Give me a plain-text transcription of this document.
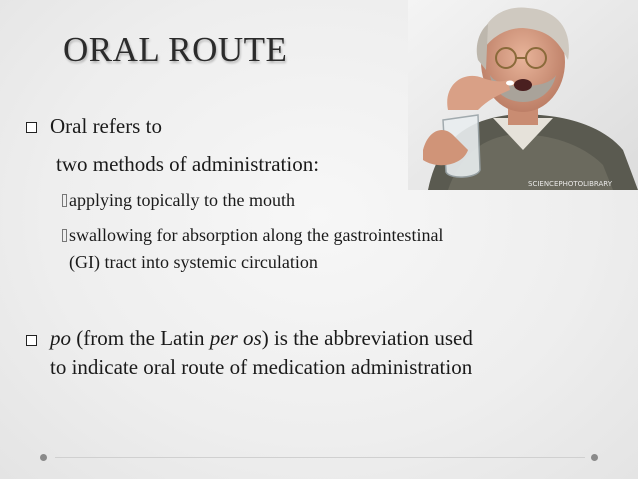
ORAL ROUTE
SCIENCEPHOTOLIBRARY
Oral refers to
two methods of administration:
applying topically to the mouth
swallowing for absorption along the gastrointestinal
(GI) tract into systemic circulation
po (from the Latin per os) is the abbreviation used
to indicate oral route of medication administration
